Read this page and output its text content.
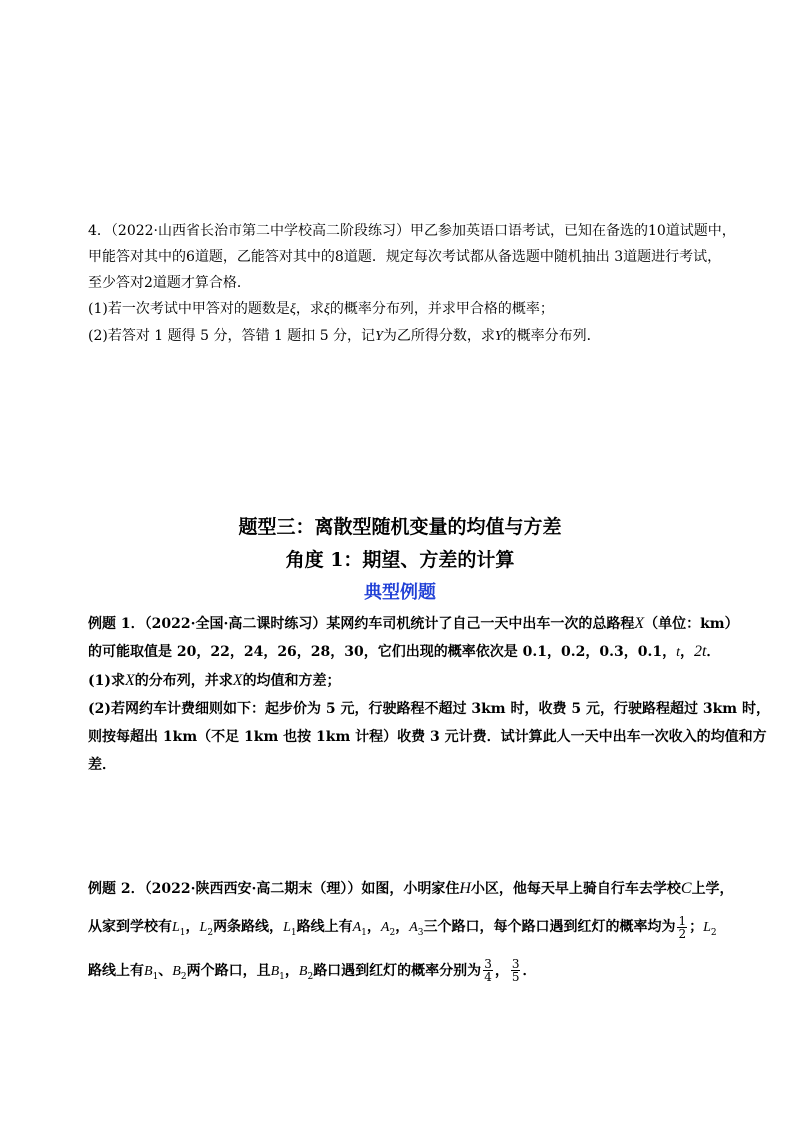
4．（2022·山西省长治市第二中学校高二阶段练习）甲乙参加英语口语考试，已知在备选的10道试题中，
甲能答对其中的6道题，乙能答对其中的8道题．规定每次考试都从备选题中随机抽出 3道题进行考试，
至少答对2道题才算合格．
(1)若一次考试中甲答对的题数是ξ，求ξ的概率分布列，并求甲合格的概率；
(2)若答对 1 题得 5 分，答错 1 题扣 5 分，记Y为乙所得分数，求Y的概率分布列．
题型三：离散型随机变量的均值与方差
角度 1：期望、方差的计算
典型例题
例题 1．（2022·全国·高二课时练习）某网约车司机统计了自己一天中出车一次的总路程X（单位：km）
的可能取值是 20，22，24，26，28，30，它们出现的概率依次是 0.1，0.2，0.3，0.1，t，2t．
(1)求X的分布列，并求X的均值和方差；
(2)若网约车计费细则如下：起步价为 5 元，行驶路程不超过 3km 时，收费 5 元，行驶路程超过 3km 时，
则按每超出 1km（不足 1km 也按 1km 计程）收费 3 元计费．试计算此人一天中出车一次收入的均值和方
差．
例题 2．（2022·陕西西安·高二期末（理））如图，小明家住H小区，他每天早上骑自行车去学校C上学，
从家到学校有$L_1$，$L_2$两条路线，$L_1$路线上有$A_1$，$A_2$，$A_3$三个路口，每个路口遇到红灯的概率均为 $\frac{1}{2}$ ；$L_2$
路线上有$B_1$、$B_2$两个路口，且$B_1$，$B_2$路口遇到红灯的概率分别为 $\frac{3}{4}$ ， $\frac{3}{5}$ ．
